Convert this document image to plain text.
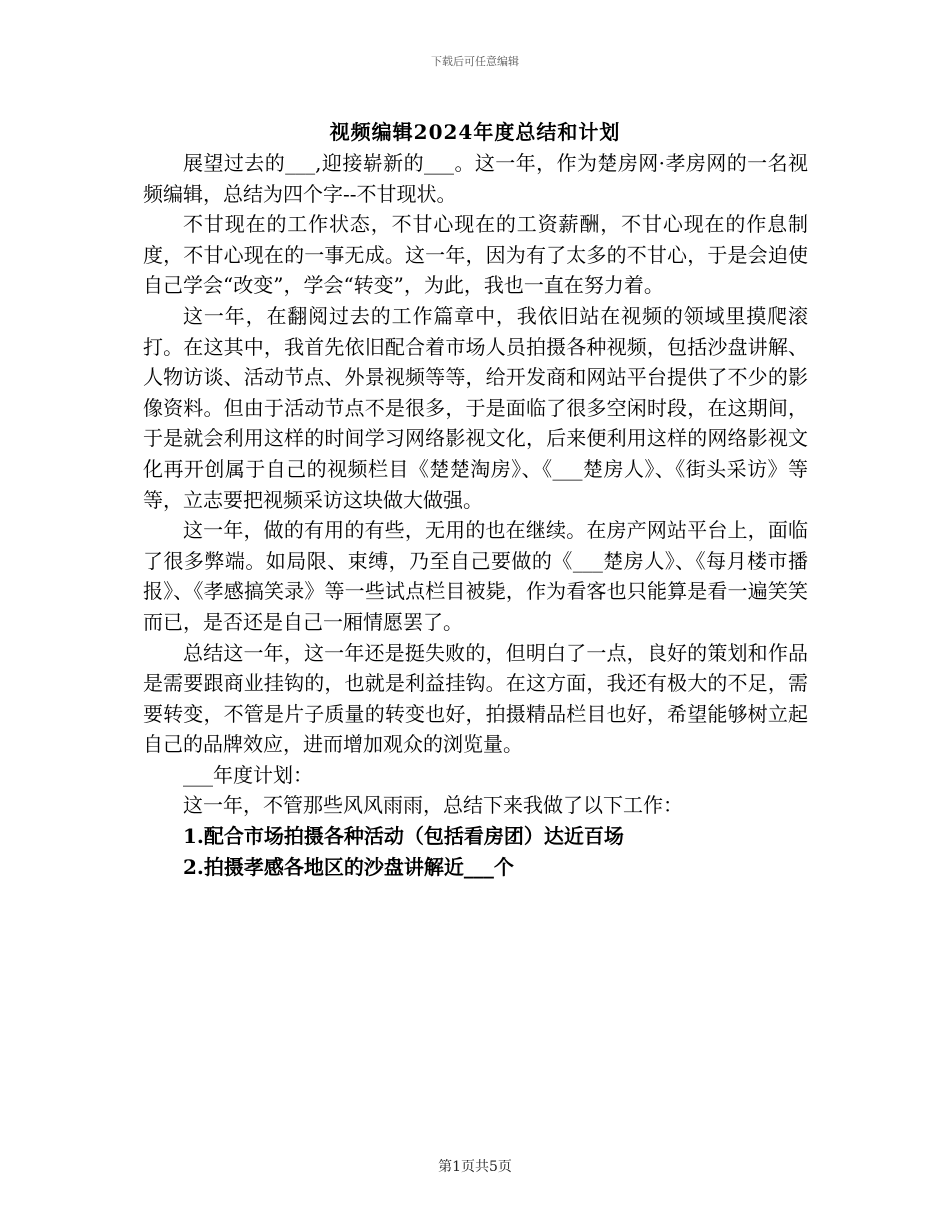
下载后可任意编辑
视频编辑2024年度总结和计划

展望过去的___,迎接崭新的___。这一年，作为楚房网·孝房网的一名视频编辑，总结为四个字--不甘现状。

不甘现在的工作状态，不甘心现在的工资薪酬，不甘心现在的作息制度，不甘心现在的一事无成。这一年，因为有了太多的不甘心，于是会迫使自己学会“改变”，学会“转变”，为此，我也一直在努力着。

这一年，在翻阅过去的工作篇章中，我依旧站在视频的领域里摸爬滚打。在这其中，我首先依旧配合着市场人员拍摄各种视频，包括沙盘讲解、人物访谈、活动节点、外景视频等等，给开发商和网站平台提供了不少的影像资料。但由于活动节点不是很多，于是面临了很多空闲时段，在这期间，于是就会利用这样的时间学习网络影视文化，后来便利用这样的网络影视文化再开创属于自己的视频栏目《楚楚淘房》、《___楚房人》、《街头采访》等等，立志要把视频采访这块做大做强。

这一年，做的有用的有些，无用的也在继续。在房产网站平台上，面临了很多弊端。如局限、束缚，乃至自己要做的《___楚房人》、《每月楼市播报》、《孝感搞笑录》等一些试点栏目被毙，作为看客也只能算是看一遍笑笑而已，是否还是自己一厢情愿罢了。

总结这一年，这一年还是挺失败的，但明白了一点，良好的策划和作品是需要跟商业挂钩的，也就是利益挂钩。在这方面，我还有极大的不足，需要转变，不管是片子质量的转变也好，拍摄精品栏目也好，希望能够树立起自己的品牌效应，进而增加观众的浏览量。

___年度计划：

这一年，不管那些风风雨雨，总结下来我做了以下工作：

1.配合市场拍摄各种活动（包括看房团）达近百场

2.拍摄孝感各地区的沙盘讲解近___个

第1页共5页
